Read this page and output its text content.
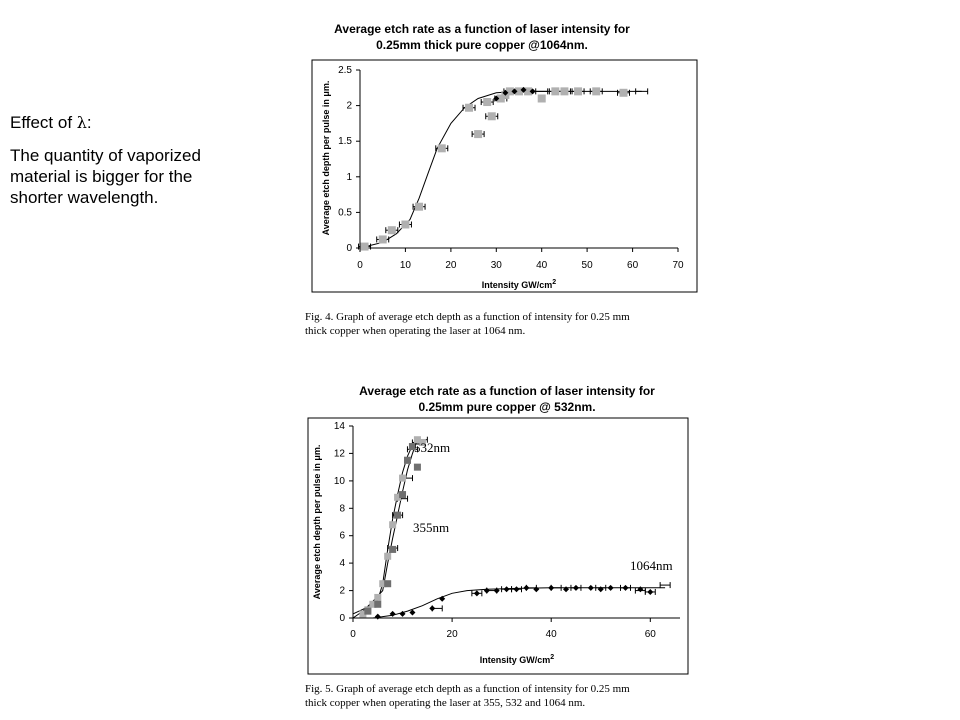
Effect of λ:

The quantity of vaporized
material is bigger for the
shorter wavelength.
Average etch rate as a function of laser intensity for
0.25mm thick pure copper @1064nm.
0
0.5
1
1.5
2
2.5
0	10	20	30	40	50	60	70
Intensity $GW/cm^2$
Average etch depth per pulse in μm.
Fig. 4. Graph of average etch depth as a function of intensity for 0.25 mm
thick copper when operating the laser at 1064 nm.
Average etch rate as a function of laser intensity for
0.25mm pure copper @ 532nm.
0
2
4
6
8
10
12
14
0	20	40	60
532nm
355nm
1064nm
Intensity $GW/cm^2$
Average etch depth per pulse in μm.
Fig. 5. Graph of average etch depth as a function of intensity for 0.25 mm
thick copper when operating the laser at 355, 532 and 1064 nm.
